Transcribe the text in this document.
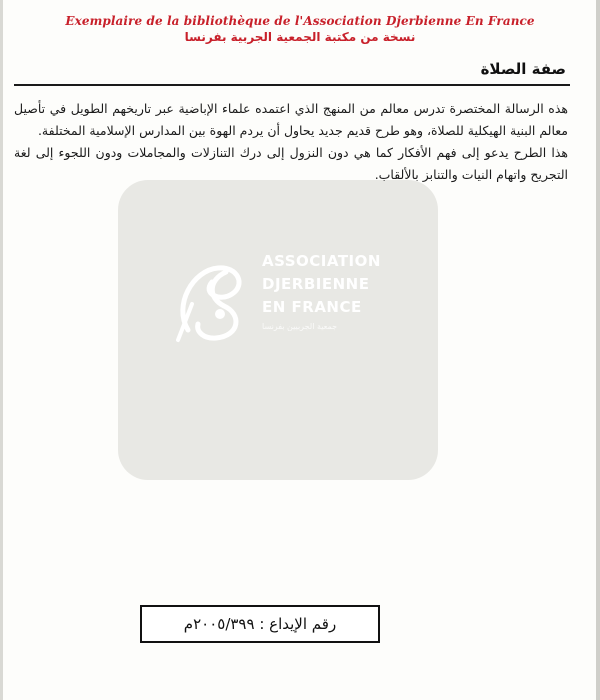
Exemplaire de la bibliothèque de l'Association Djerbienne En France
نسخة من مكتبة الجمعية الجربية بفرنسا
صفة الصلاة
ASSOCIATION
DJERBIENNE
EN FRANCE
جمعية الجربيين بفرنسا

هذه الرسالة المختصرة تدرس معالم من المنهج الذي اعتمده علماء الإباضية عبر تاريخهم الطويل في تأصيل معالم البنية الهيكلية للصلاة، وهو طرح قديم جديد يحاول أن يردم الهوة بين المدارس الإسلامية المختلفة.

هذا الطرح يدعو إلى فهم الأفكار كما هي دون النزول إلى درك التنازلات والمجاملات ودون اللجوء إلى لغة التجريح واتهام النيات والتنابز بالألقاب.

رقم الإيداع : ٢٠٠٥/٣٩٩م
